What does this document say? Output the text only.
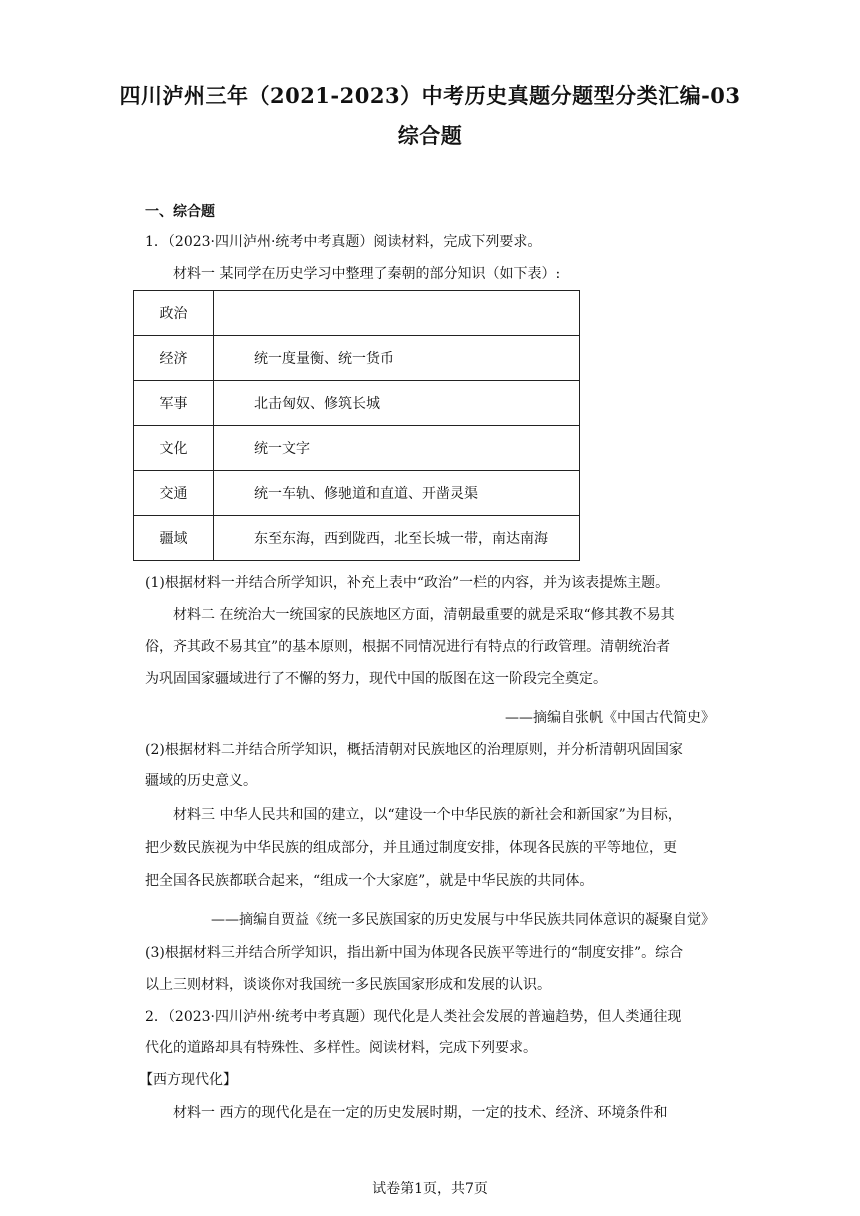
四川泸州三年（2021-2023）中考历史真题分题型分类汇编-03
综合题
一、综合题
1．（2023·四川泸州·统考中考真题）阅读材料，完成下列要求。
材料一 某同学在历史学习中整理了秦朝的部分知识（如下表）:
政治	
经济	统一度量衡、统一货币
军事	北击匈奴、修筑长城
文化	统一文字
交通	统一车轨、修驰道和直道、开凿灵渠
疆域	东至东海，西到陇西，北至长城一带，南达南海
(1)根据材料一并结合所学知识，补充上表中“政治”一栏的内容，并为该表提炼主题。
材料二 在统治大一统国家的民族地区方面，清朝最重要的就是采取“修其教不易其
俗，齐其政不易其宜”的基本原则，根据不同情况进行有特点的行政管理。清朝统治者
为巩固国家疆域进行了不懈的努力，现代中国的版图在这一阶段完全奠定。
——摘编自张帆《中国古代简史》
(2)根据材料二并结合所学知识，概括清朝对民族地区的治理原则，并分析清朝巩固国家
疆域的历史意义。
材料三 中华人民共和国的建立，以“建设一个中华民族的新社会和新国家”为目标，
把少数民族视为中华民族的组成部分，并且通过制度安排，体现各民族的平等地位，更
把全国各民族都联合起来，“组成一个大家庭”，就是中华民族的共同体。
——摘编自贾益《统一多民族国家的历史发展与中华民族共同体意识的凝聚自觉》
(3)根据材料三并结合所学知识，指出新中国为体现各民族平等进行的“制度安排”。综合
以上三则材料，谈谈你对我国统一多民族国家形成和发展的认识。
2．（2023·四川泸州·统考中考真题）现代化是人类社会发展的普遍趋势，但人类通往现
代化的道路却具有特殊性、多样性。阅读材料，完成下列要求。
【西方现代化】
材料一 西方的现代化是在一定的历史发展时期，一定的技术、经济、环境条件和
试卷第1页，共7页
